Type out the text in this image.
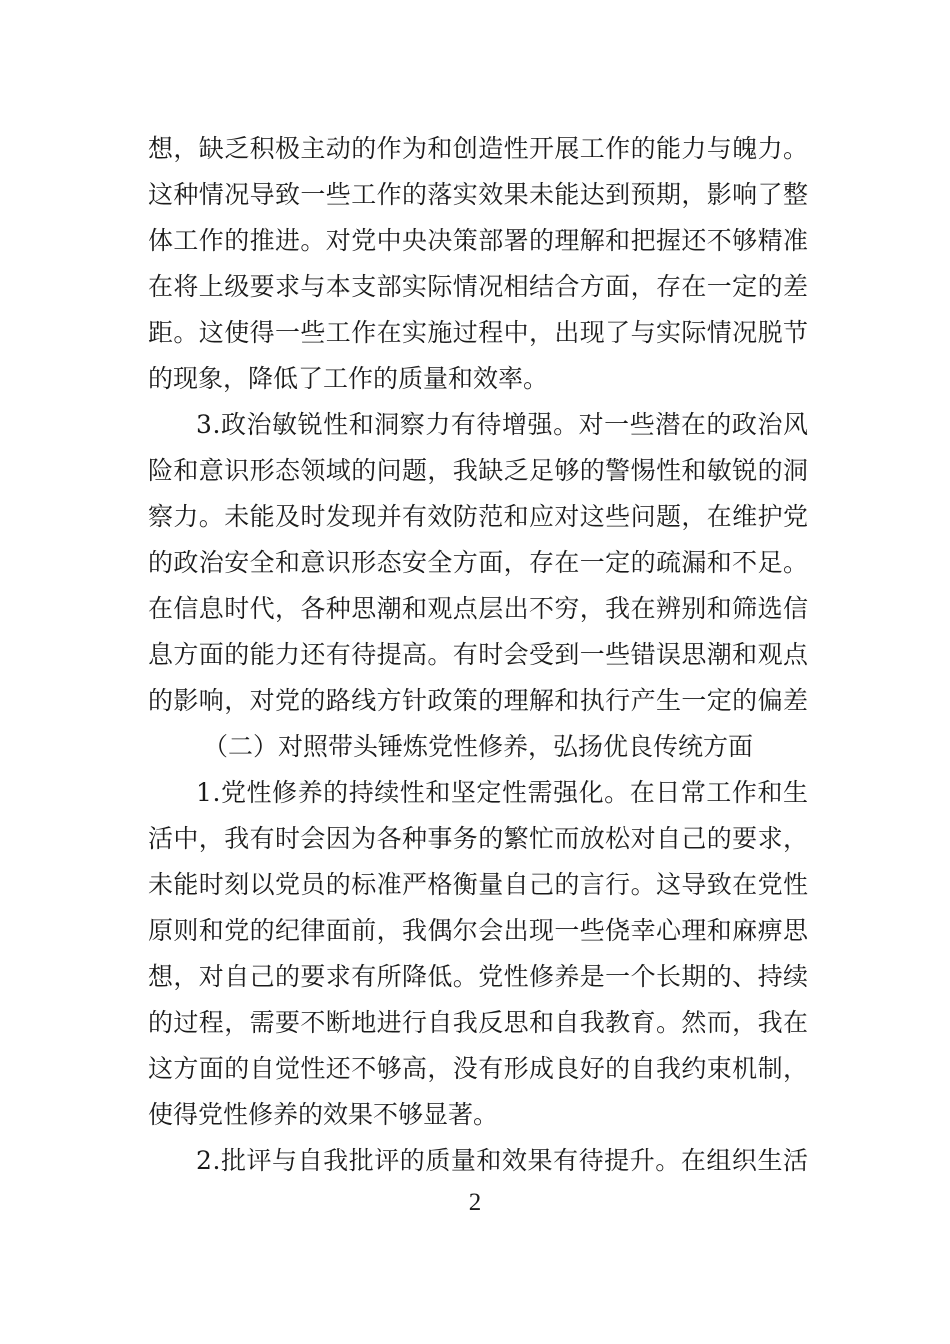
想，缺乏积极主动的作为和创造性开展工作的能力与魄力。
这种情况导致一些工作的落实效果未能达到预期，影响了整
体工作的推进。对党中央决策部署的理解和把握还不够精准
在将上级要求与本支部实际情况相结合方面，存在一定的差
距。这使得一些工作在实施过程中，出现了与实际情况脱节
的现象，降低了工作的质量和效率。
3.政治敏锐性和洞察力有待增强。对一些潜在的政治风
险和意识形态领域的问题，我缺乏足够的警惕性和敏锐的洞
察力。未能及时发现并有效防范和应对这些问题，在维护党
的政治安全和意识形态安全方面，存在一定的疏漏和不足。
在信息时代，各种思潮和观点层出不穷，我在辨别和筛选信
息方面的能力还有待提高。有时会受到一些错误思潮和观点
的影响，对党的路线方针政策的理解和执行产生一定的偏差
（二）对照带头锤炼党性修养，弘扬优良传统方面
1.党性修养的持续性和坚定性需强化。在日常工作和生
活中，我有时会因为各种事务的繁忙而放松对自己的要求，
未能时刻以党员的标准严格衡量自己的言行。这导致在党性
原则和党的纪律面前，我偶尔会出现一些侥幸心理和麻痹思
想，对自己的要求有所降低。党性修养是一个长期的、持续
的过程，需要不断地进行自我反思和自我教育。然而，我在
这方面的自觉性还不够高，没有形成良好的自我约束机制，
使得党性修养的效果不够显著。
2.批评与自我批评的质量和效果有待提升。在组织生活
2
